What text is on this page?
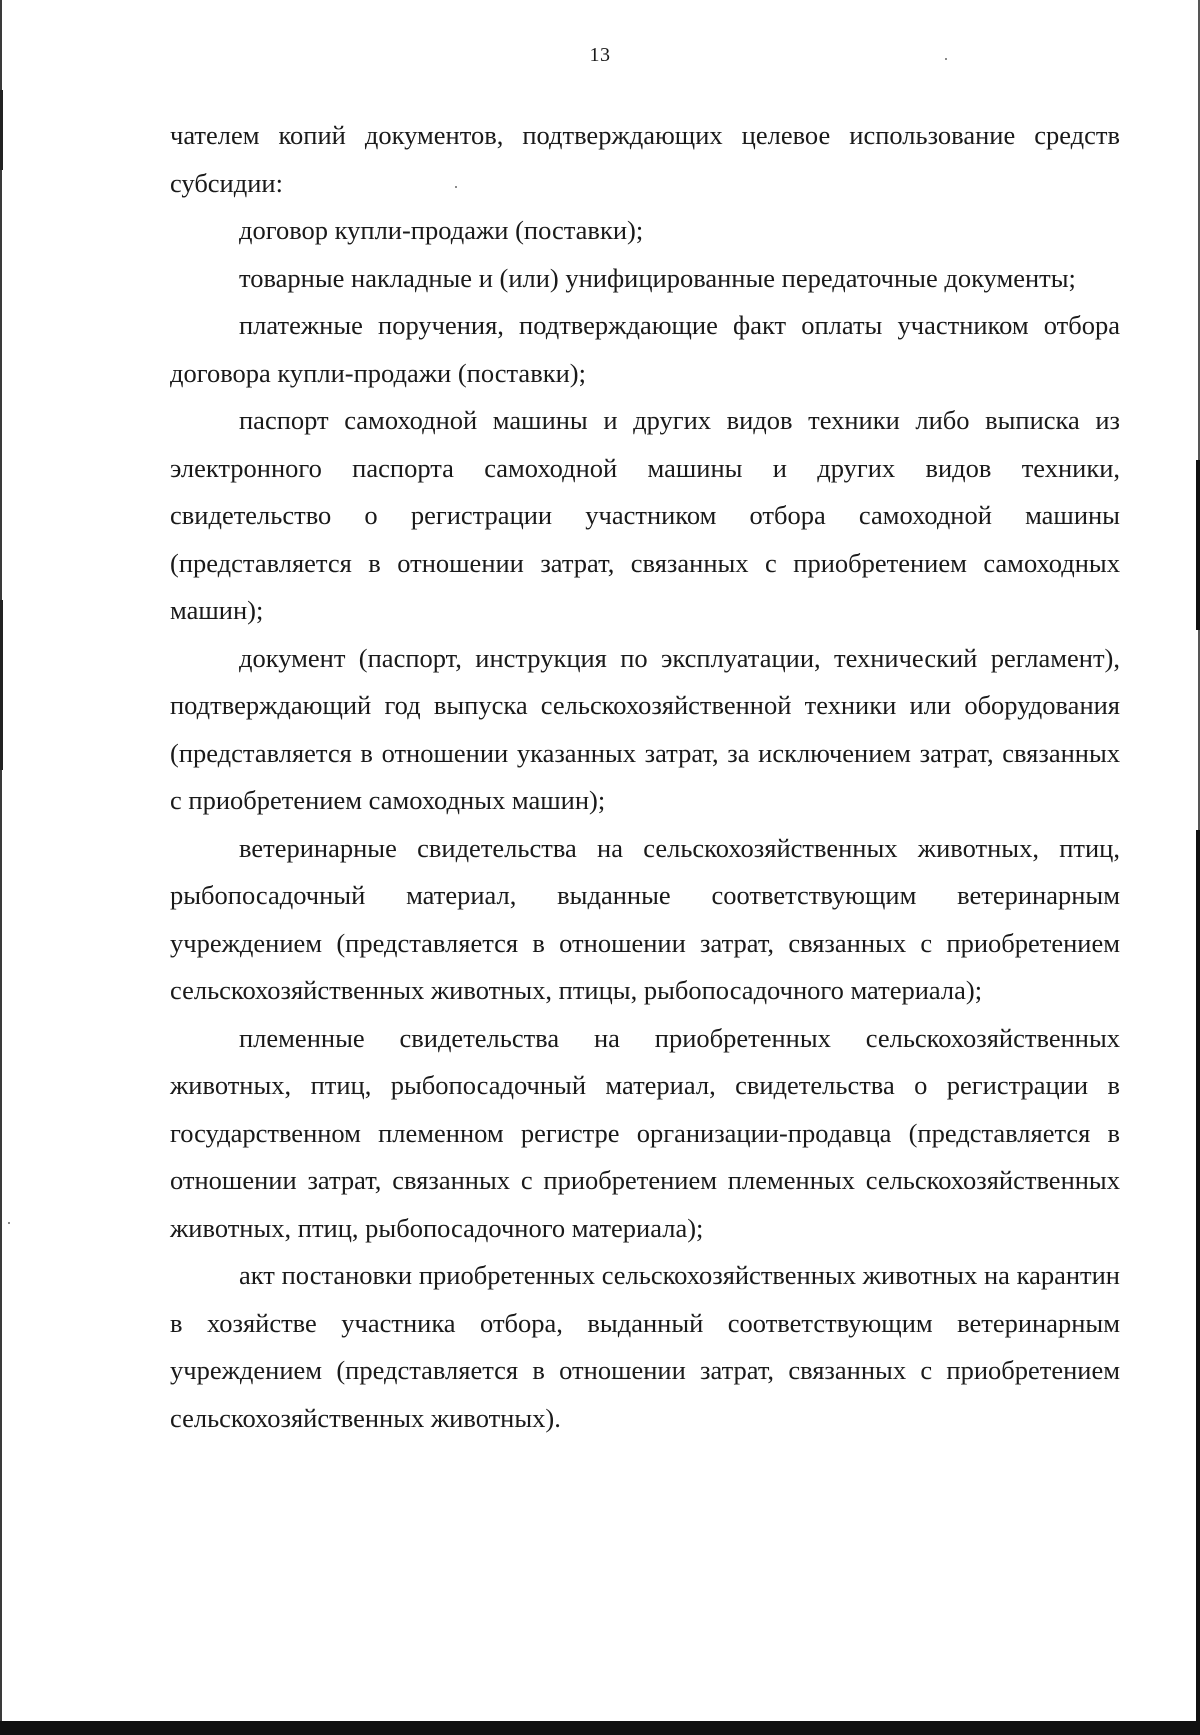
13

чателем копий документов, подтверждающих целевое использование средств субсидии:

договор купли-продажи (поставки);

товарные накладные и (или) унифицированные передаточные документы;

платежные поручения, подтверждающие факт оплаты участником отбора договора купли-продажи (поставки);

паспорт самоходной машины и других видов техники либо выписка из электронного паспорта самоходной машины и других видов техники, свидетельство о регистрации участником отбора самоходной машины (представляется в отношении затрат, связанных с приобретением самоходных машин);

документ (паспорт, инструкция по эксплуатации, технический регламент), подтверждающий год выпуска сельскохозяйственной техники или оборудования (представляется в отношении указанных затрат, за исключением затрат, связанных с приобретением самоходных машин);

ветеринарные свидетельства на сельскохозяйственных животных, птиц, рыбопосадочный материал, выданные соответствующим ветеринарным учреждением (представляется в отношении затрат, связанных с приобретением сельскохозяйственных животных, птицы, рыбопосадочного материала);

племенные свидетельства на приобретенных сельскохозяйственных животных, птиц, рыбопосадочный материал, свидетельства о регистрации в государственном племенном регистре организации-продавца (представляется в отношении затрат, связанных с приобретением племенных сельскохозяйственных животных, птиц, рыбопосадочного материала);

акт постановки приобретенных сельскохозяйственных животных на карантин в хозяйстве участника отбора, выданный соответствующим ветеринарным учреждением (представляется в отношении затрат, связанных с приобретением сельскохозяйственных животных).
